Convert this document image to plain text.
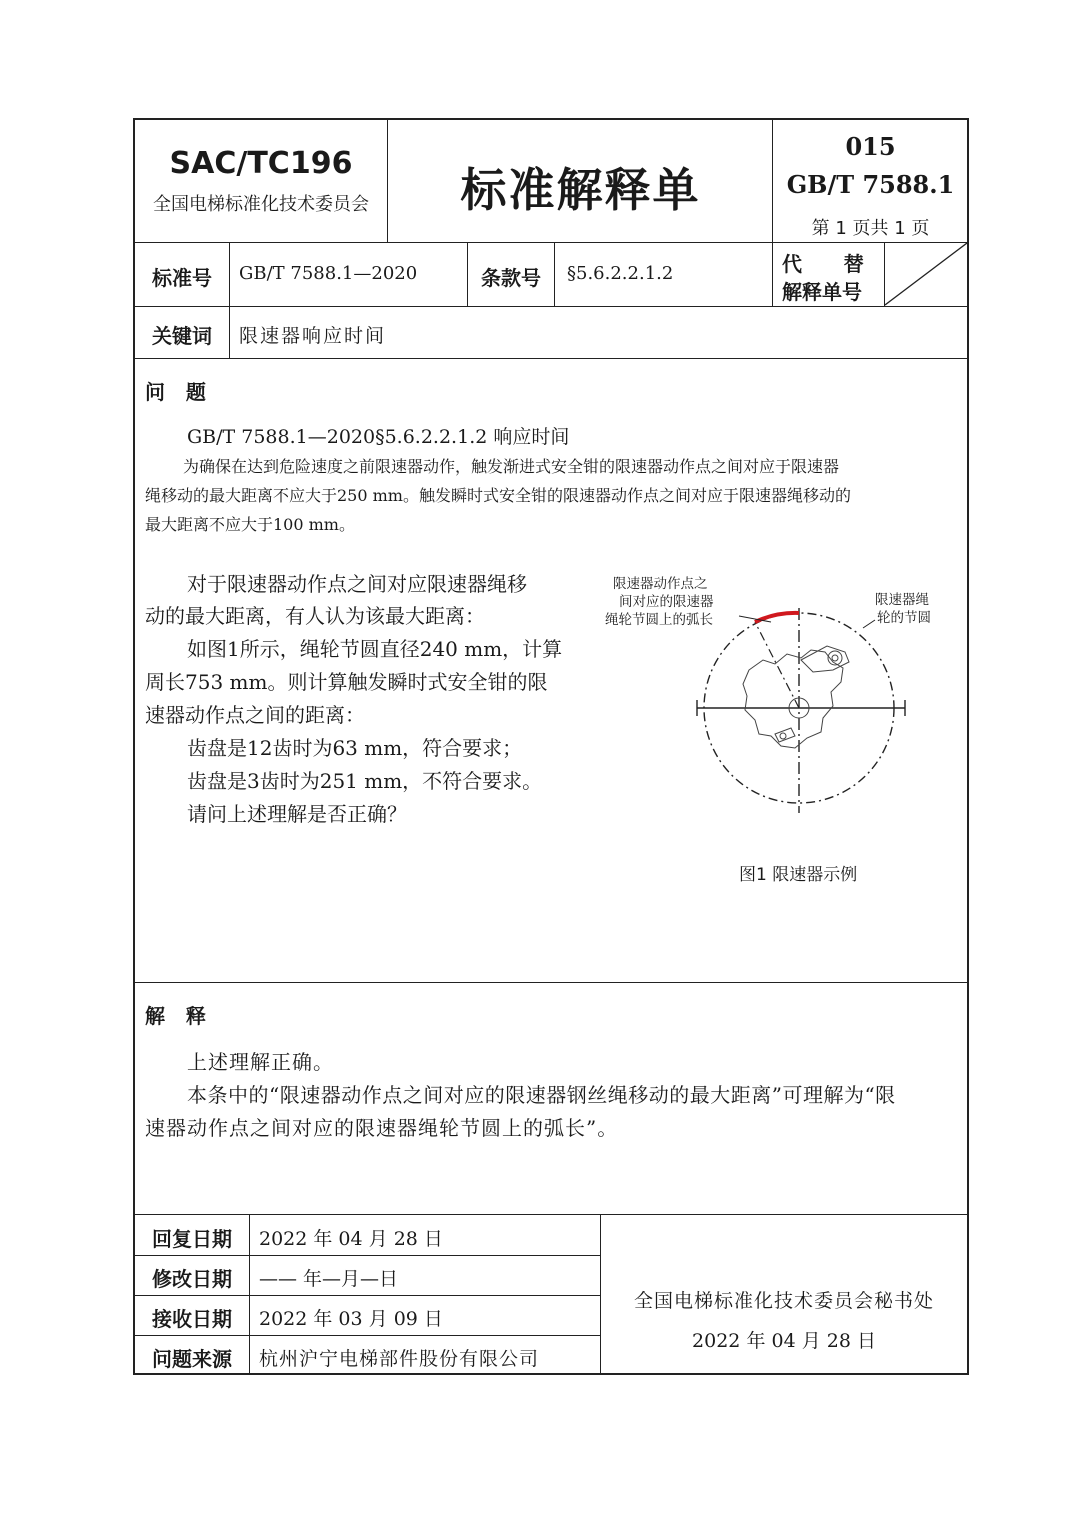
SAC/TC196
全国电梯标准化技术委员会	标准解释单
015
GB/T 7588.1
第 1 页共 1 页
标准号	GB/T 7588.1—2020	条款号	§5.6.2.2.1.2	代      替
解释单号
关键词	限速器响应时间
问   题
GB/T 7588.1—2020§5.6.2.2.1.2 响应时间
为确保在达到危险速度之前限速器动作，触发渐进式安全钳的限速器动作点之间对应于限速器
绳移动的最大距离不应大于250 mm。触发瞬时式安全钳的限速器动作点之间对应于限速器绳移动的
最大距离不应大于100 mm。
对于限速器动作点之间对应限速器绳移
动的最大距离，有人认为该最大距离：
如图1所示，绳轮节圆直径240 mm，计算
周长753 mm。则计算触发瞬时式安全钳的限
速器动作点之间的距离：
齿盘是12齿时为63 mm，符合要求；
齿盘是3齿时为251 mm，不符合要求。
请问上述理解是否正确？
限速器动作点之
间对应的限速器
绳轮节圆上的弧长
限速器绳
轮的节圆
图1 限速器示例
解   释
上述理解正确。
本条中的“限速器动作点之间对应的限速器钢丝绳移动的最大距离”可理解为“限
速器动作点之间对应的限速器绳轮节圆上的弧长”。
回复日期	2022 年 04 月 28 日
修改日期	—— 年—月—日
接收日期	2022 年 03 月 09 日
问题来源	杭州沪宁电梯部件股份有限公司
全国电梯标准化技术委员会秘书处
2022 年 04 月 28 日
